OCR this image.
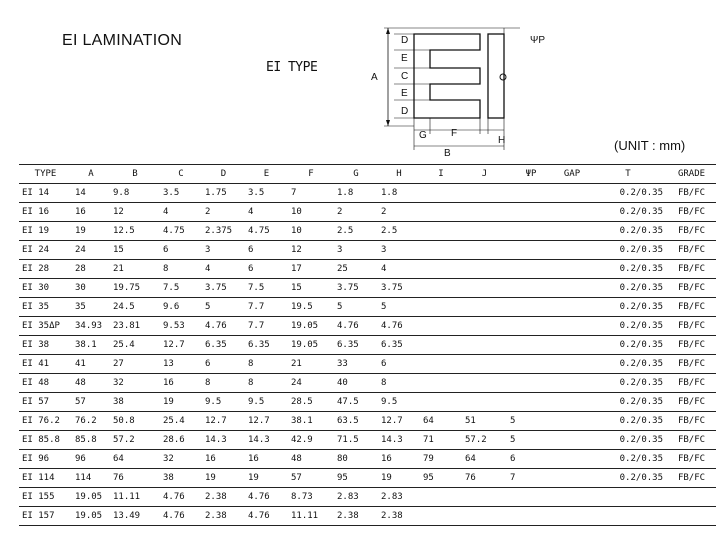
EI LAMINATION
EI TYPE
(UNIT : mm)
D
E
C
E
D
A
ΨP
G F
H
B
TYPE	A	B	C	D	E	F	G	H	I	J	ΨP	GAP	T	GRADE
EI 14	14	9.8	3.5	1.75	3.5	7	1.8	1.8					0.2/0.35	FB/FC
EI 16	16	12	4	2	4	10	2	2					0.2/0.35	FB/FC
EI 19	19	12.5	4.75	2.375	4.75	10	2.5	2.5					0.2/0.35	FB/FC
EI 24	24	15	6	3	6	12	3	3					0.2/0.35	FB/FC
EI 28	28	21	8	4	6	17	25	4					0.2/0.35	FB/FC
EI 30	30	19.75	7.5	3.75	7.5	15	3.75	3.75					0.2/0.35	FB/FC
EI 35	35	24.5	9.6	5	7.7	19.5	5	5					0.2/0.35	FB/FC
EI 35ΔP	34.93	23.81	9.53	4.76	7.7	19.05	4.76	4.76					0.2/0.35	FB/FC
EI 38	38.1	25.4	12.7	6.35	6.35	19.05	6.35	6.35					0.2/0.35	FB/FC
EI 41	41	27	13	6	8	21	33	6					0.2/0.35	FB/FC
EI 48	48	32	16	8	8	24	40	8					0.2/0.35	FB/FC
EI 57	57	38	19	9.5	9.5	28.5	47.5	9.5					0.2/0.35	FB/FC
EI 76.2	76.2	50.8	25.4	12.7	12.7	38.1	63.5	12.7	64	51	5		0.2/0.35	FB/FC
EI 85.8	85.8	57.2	28.6	14.3	14.3	42.9	71.5	14.3	71	57.2	5		0.2/0.35	FB/FC
EI 96	96	64	32	16	16	48	80	16	79	64	6		0.2/0.35	FB/FC
EI 114	114	76	38	19	19	57	95	19	95	76	7		0.2/0.35	FB/FC
EI 155	19.05	11.11	4.76	2.38	4.76	8.73	2.83	2.83						
EI 157	19.05	13.49	4.76	2.38	4.76	11.11	2.38	2.38						
